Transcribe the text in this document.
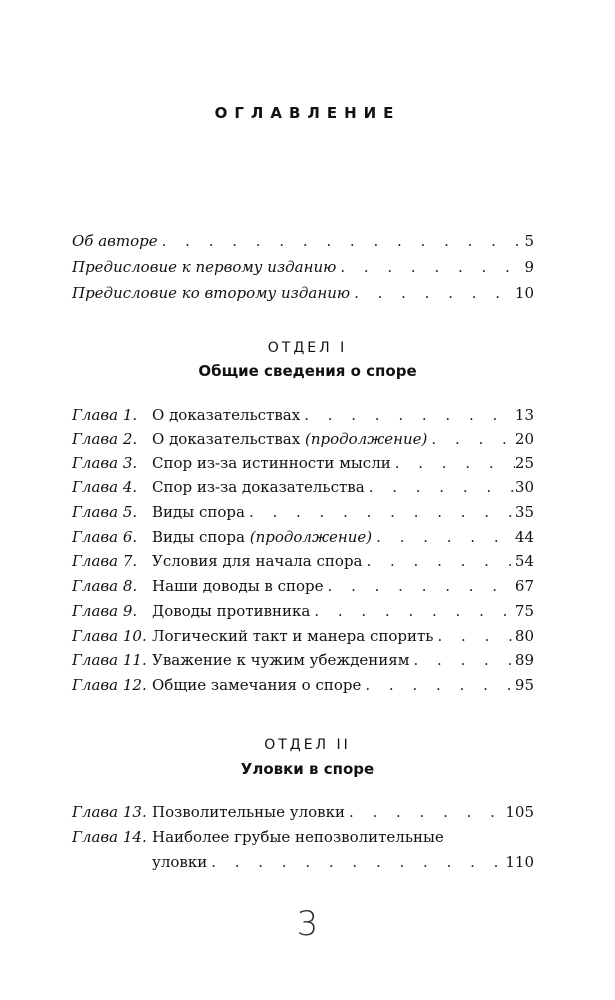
ОГЛАВЛЕНИЕ
Об авторе . . .	5
Предисловие к первому изданию . . .	9
Предисловие ко второму изданию . . .	10
ОТДЕЛ I
Общие сведения о споре
Глава 1. О доказательствах . . .	13
Глава 2. О доказательствах (продолжение) . . .	20
Глава 3. Спор из-за истинности мысли . . .	25
Глава 4. Спор из-за доказательства . . .	30
Глава 5. Виды спора . . .	35
Глава 6. Виды спора (продолжение) . . .	44
Глава 7. Условия для начала спора . . .	54
Глава 8. Наши доводы в споре . . .	67
Глава 9. Доводы противника . . .	75
Глава 10. Логический такт и манера спорить . . .	80
Глава 11. Уважение к чужим убеждениям . . .	89
Глава 12. Общие замечания о споре . . .	95
ОТДЕЛ II
Уловки в споре
Глава 13. Позволительные уловки . . .	105
Глава 14. Наиболее грубые непозволительные
уловки . . .	110
3
